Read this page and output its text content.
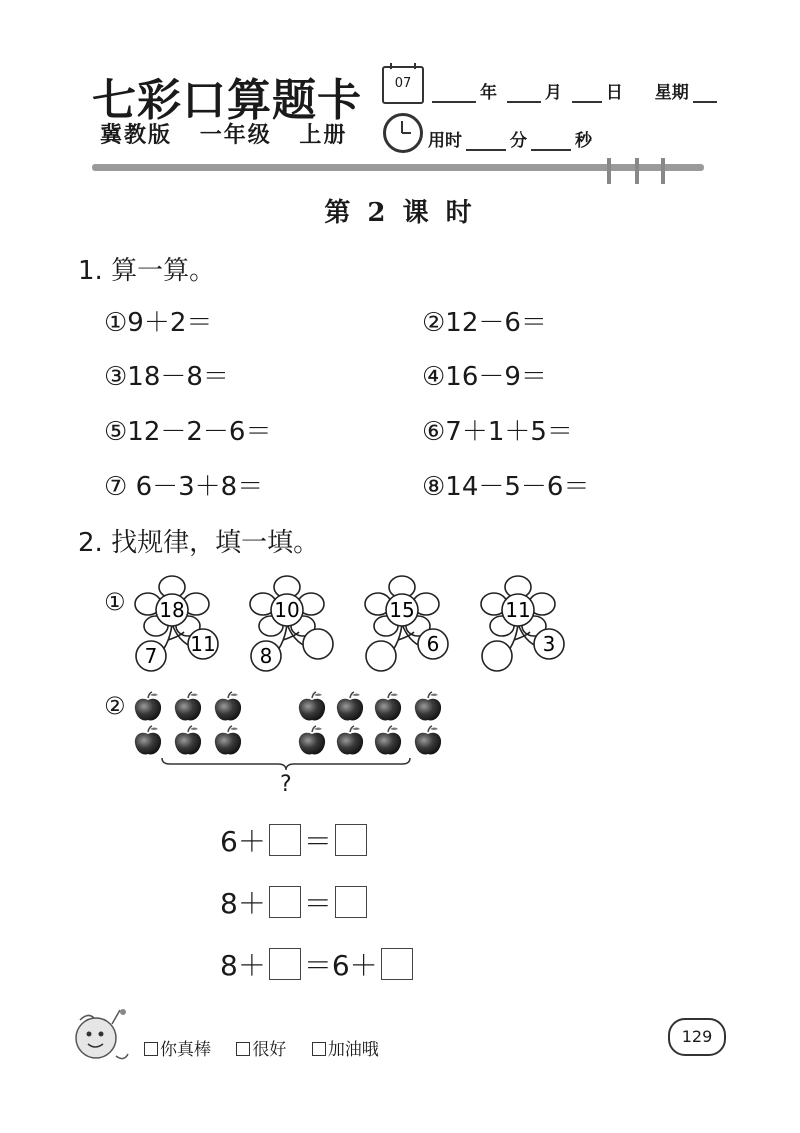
七彩口算题卡
冀教版 一年级 上册
07	年	月	日 星期
用时	分	秒
第 2 课 时
1. 算一算。
①9＋2＝	②12－6＝
③18－8＝	④16－9＝
⑤12－2－6＝	⑥7＋1＋5＝
⑦ 6－3＋8＝	⑧14－5－6＝
2. 找规律，填一填。
① 18
7 11
10
8
15
6
11
3
②
?
6＋ ＝
8＋ ＝
8＋ ＝6＋
你真棒 很好 加油哦
129
